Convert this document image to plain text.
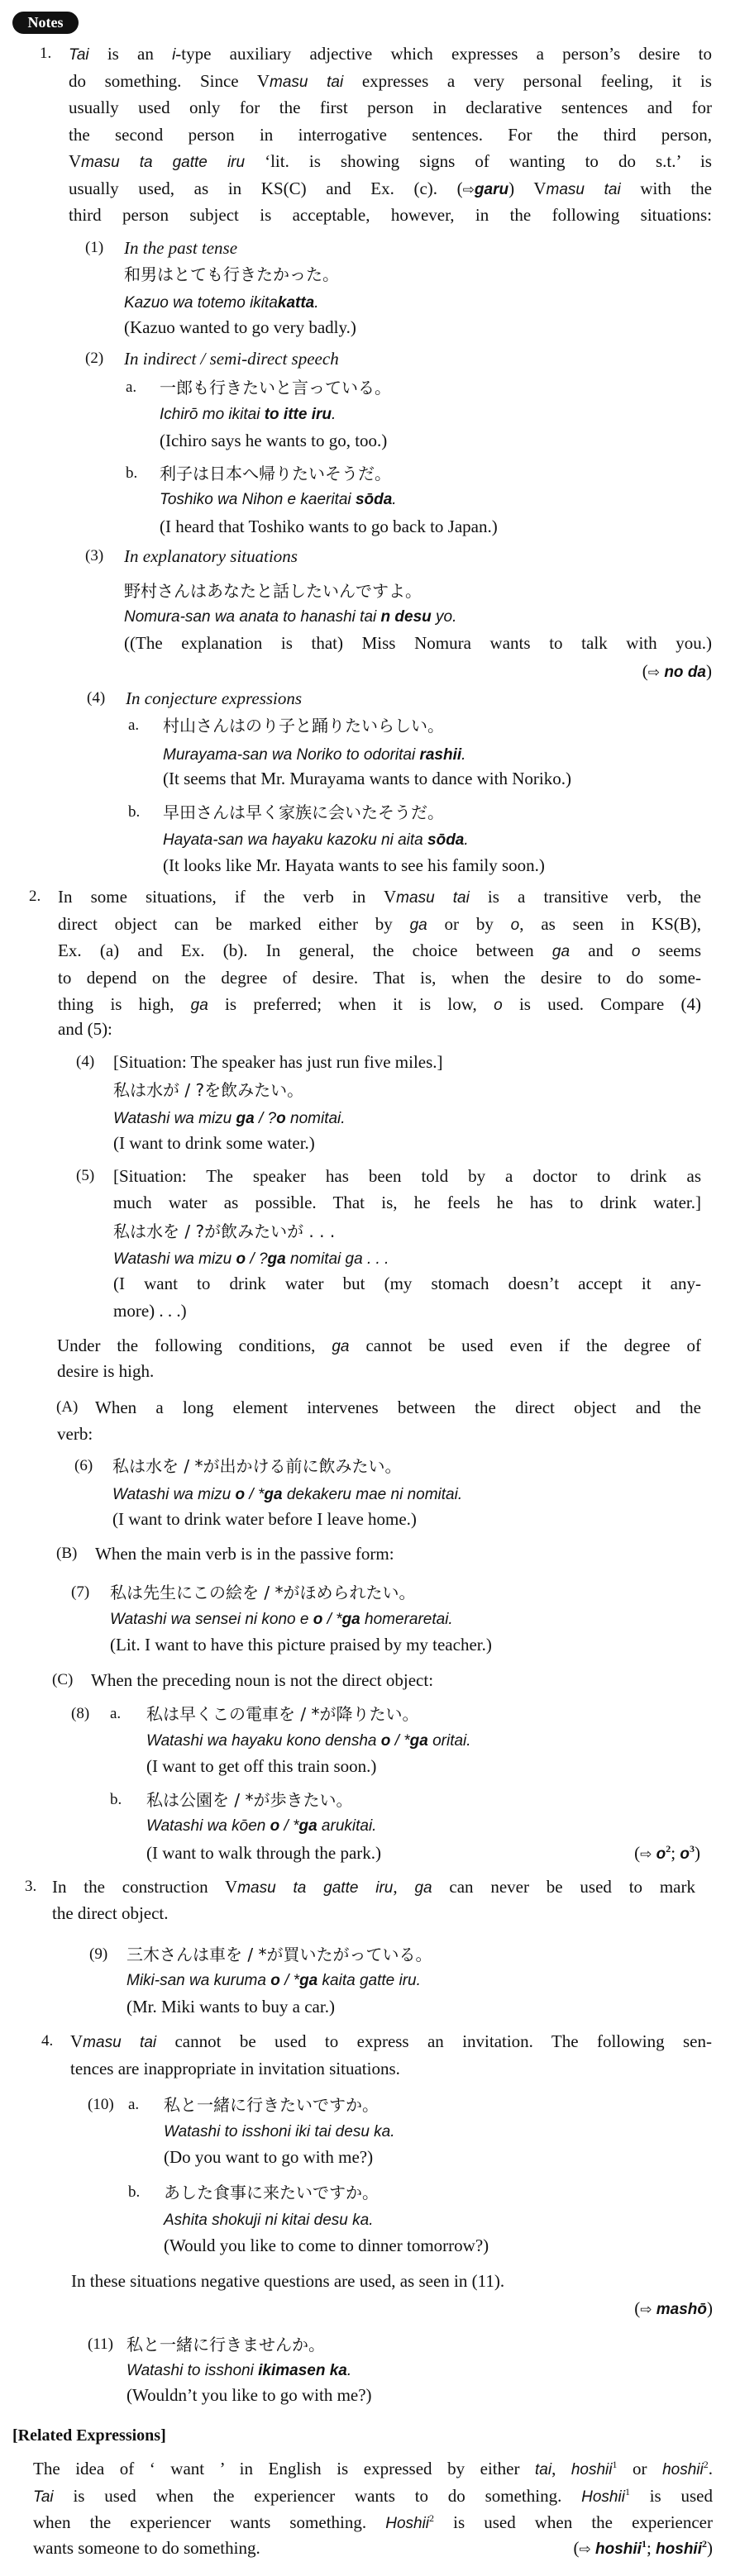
Notes
1. Tai is an i-type auxiliary adjective which expresses a person’s desire to
do something. Since Vmasu tai expresses a very personal feeling, it is
usually used only for the first person in declarative sentences and for
the second person in interrogative sentences. For the third person,
Vmasu ta gatte iru ‘lit. is showing signs of wanting to do s.t.’ is
usually used, as in KS(C) and Ex. (c). (⇨garu) Vmasu tai with the
third person subject is acceptable, however, in the following situations:
(1) In the past tense
和男はとても行きたかった。
Kazuo wa totemo ikitakatta.
(Kazuo wanted to go very badly.)
(2) In indirect / semi-direct speech
a. 一郎も行きたいと言っている。
Ichirō mo ikitai to itte iru.
(Ichiro says he wants to go, too.)
b. 利子は日本へ帰りたいそうだ。
Toshiko wa Nihon e kaeritai sōda.
(I heard that Toshiko wants to go back to Japan.)
(3) In explanatory situations
野村さんはあなたと話したいんですよ。
Nomura-san wa anata to hanashi tai n desu yo.
((The explanation is that) Miss Nomura wants to talk with you.)
(⇨ no da)
(4) In conjecture expressions
a. 村山さんはのり子と踊りたいらしい。
Murayama-san wa Noriko to odoritai rashii.
(It seems that Mr. Murayama wants to dance with Noriko.)
b. 早田さんは早く家族に会いたそうだ。
Hayata-san wa hayaku kazoku ni aita sōda.
(It looks like Mr. Hayata wants to see his family soon.)
2. In some situations, if the verb in Vmasu tai is a transitive verb, the
direct object can be marked either by ga or by o, as seen in KS(B),
Ex. (a) and Ex. (b). In general, the choice between ga and o seems
to depend on the degree of desire. That is, when the desire to do some-
thing is high, ga is preferred; when it is low, o is used. Compare (4)
and (5):
(4) [Situation: The speaker has just run five miles.]
私は水が / ?を飲みたい。
Watashi wa mizu ga / ?o nomitai.
(I want to drink some water.)
(5) [Situation: The speaker has been told by a doctor to drink as
much water as possible. That is, he feels he has to drink water.]
私は水を / ?が飲みたいが . . .
Watashi wa mizu o / ?ga nomitai ga . . .
(I want to drink water but (my stomach doesn’t accept it any-
more) . . .)
Under the following conditions, ga cannot be used even if the degree of
desire is high.
(A) When a long element intervenes between the direct object and the
verb:
(6) 私は水を / *が出かける前に飲みたい。
Watashi wa mizu o / *ga dekakeru mae ni nomitai.
(I want to drink water before I leave home.)
(B) When the main verb is in the passive form:
(7) 私は先生にこの絵を / *がほめられたい。
Watashi wa sensei ni kono e o / *ga homeraretai.
(Lit. I want to have this picture praised by my teacher.)
(C) When the preceding noun is not the direct object:
(8) a. 私は早くこの電車を / *が降りたい。
Watashi wa hayaku kono densha o / *ga oritai.
(I want to get off this train soon.)
b. 私は公園を / *が歩きたい。
Watashi wa kōen o / *ga arukitai.
(I want to walk through the park.)	(⇨ $o^2$; $o^3$)
3. In the construction Vmasu ta gatte iru, ga can never be used to mark
the direct object.
(9) 三木さんは車を / *が買いたがっている。
Miki-san wa kuruma o / *ga kaita gatte iru.
(Mr. Miki wants to buy a car.)
4. Vmasu tai cannot be used to express an invitation. The following sen-
tences are inappropriate in invitation situations.
(10) a. 私と一緒に行きたいですか。
Watashi to isshoni iki tai desu ka.
(Do you want to go with me?)
b. あした食事に来たいですか。
Ashita shokuji ni kitai desu ka.
(Would you like to come to dinner tomorrow?)
In these situations negative questions are used, as seen in (11).
(⇨ mashō)
(11) 私と一緒に行きませんか。
Watashi to isshoni ikimasen ka.
(Wouldn’t you like to go with me?)
[Related Expressions]
The idea of ‘ want ’ in English is expressed by either tai, hoshii$^1$ or hoshii$^2$.
Tai is used when the experiencer wants to do something. Hoshii$^1$ is used
when the experiencer wants something. Hoshii$^2$ is used when the experiencer
wants someone to do something.	(⇨ hoshii$^1$; hoshii$^2$)
